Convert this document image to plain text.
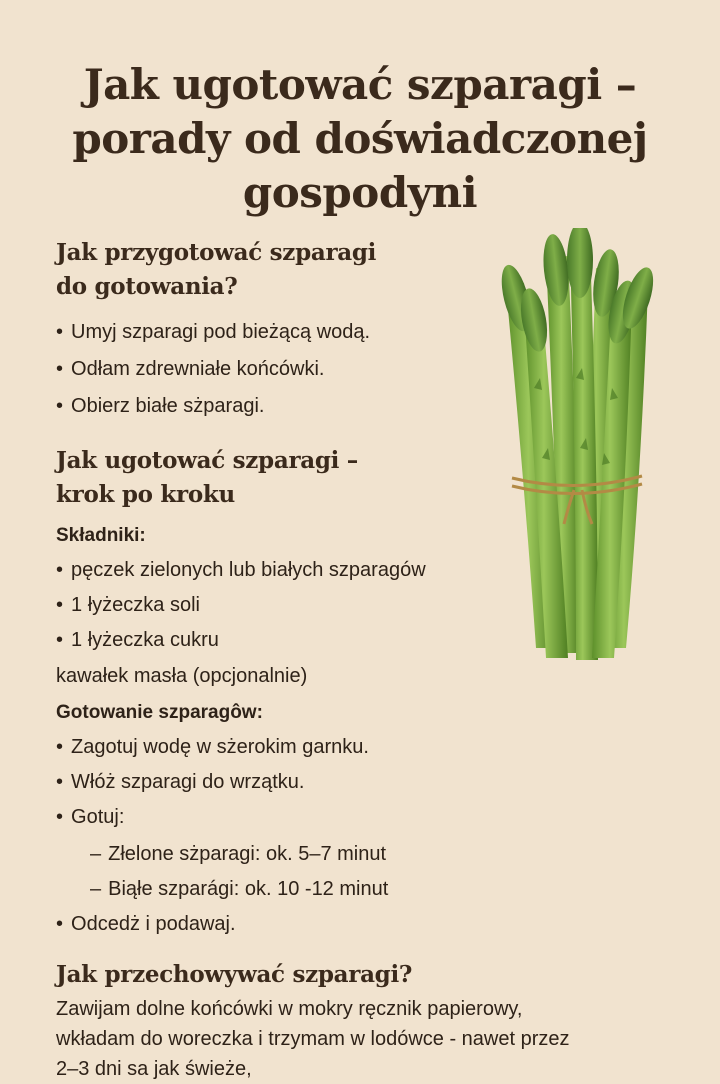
Jak ugotować szparagi –
porady od doświadczonej
gospodyni
Jak przygotować szparagi
do gotowania?
• Umyj szparagi pod bieżącą wodą.
• Odłam zdrewniałe końcówki.
• Obierz białe sżparagi.
Jak ugotować szparagi –
krok po kroku
Składniki:
• pęczek zielonych lub białych szparagów
• 1 łyżeczka soli
• 1 łyżeczka cukru
kawałek masła (opcjonalnie)
Gotowanie szparagôw:
• Zagotuj wodę w sżerokim garnku.
• Włóż szparagi do wrzątku.
• Gotuj:
– Złelone sżparagi: ok. 5–7 minut
– Biąłe szparági: ok. 10 -12 minut
• Odcedż i podawaj.
Jak przechowywać szparagi?
Zawijam dolne końcówki w mokry ręcznik papierowy,
wkładam do woreczka i trzymam w lodówce - nawet przez
2–3 dni sa jak świeże,
